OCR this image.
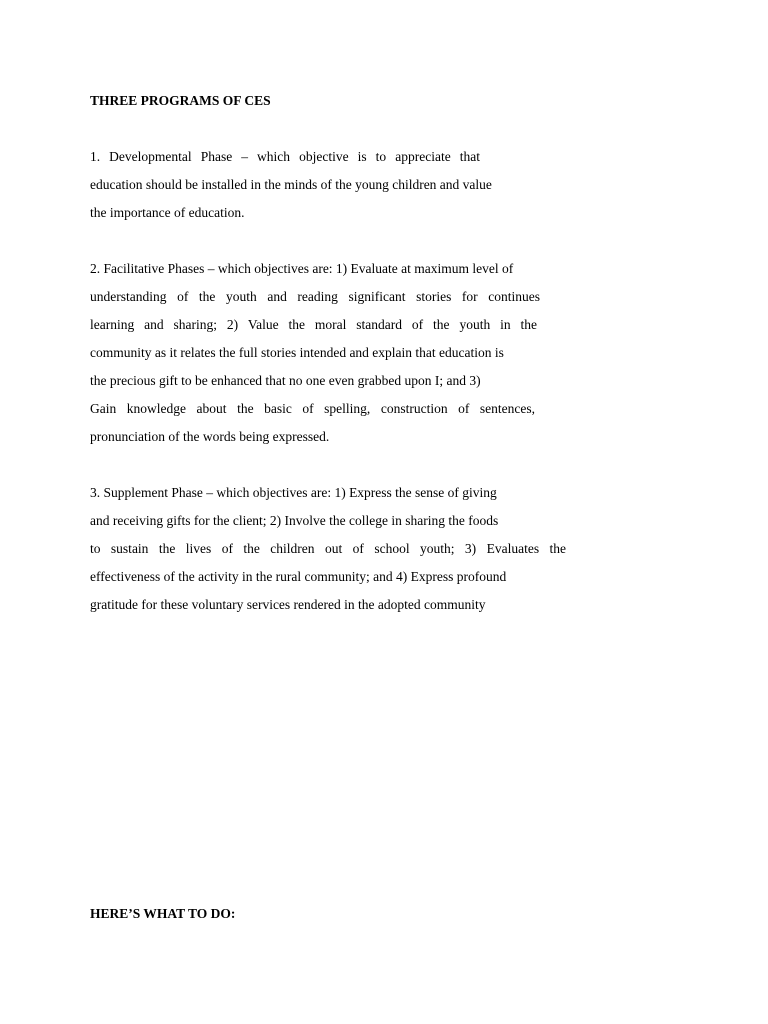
THREE PROGRAMS OF CES
1. Developmental Phase – which objective is to appreciate that
education should be installed in the minds of the young children and value
the importance of education.
2. Facilitative Phases – which objectives are: 1) Evaluate at maximum level of
understanding of the youth and reading significant stories for continues
learning and sharing; 2) Value the moral standard of the youth in the
community as it relates the full stories intended and explain that education is
the precious gift to be enhanced that no one even grabbed upon I; and 3)
Gain knowledge about the basic of spelling, construction of sentences,
pronunciation of the words being expressed.
3. Supplement Phase – which objectives are: 1) Express the sense of giving
and receiving gifts for the client; 2) Involve the college in sharing the foods
to sustain the lives of the children out of school youth; 3) Evaluates the
effectiveness of the activity in the rural community; and 4) Express profound
gratitude for these voluntary services rendered in the adopted community
HERE’S WHAT TO DO:
